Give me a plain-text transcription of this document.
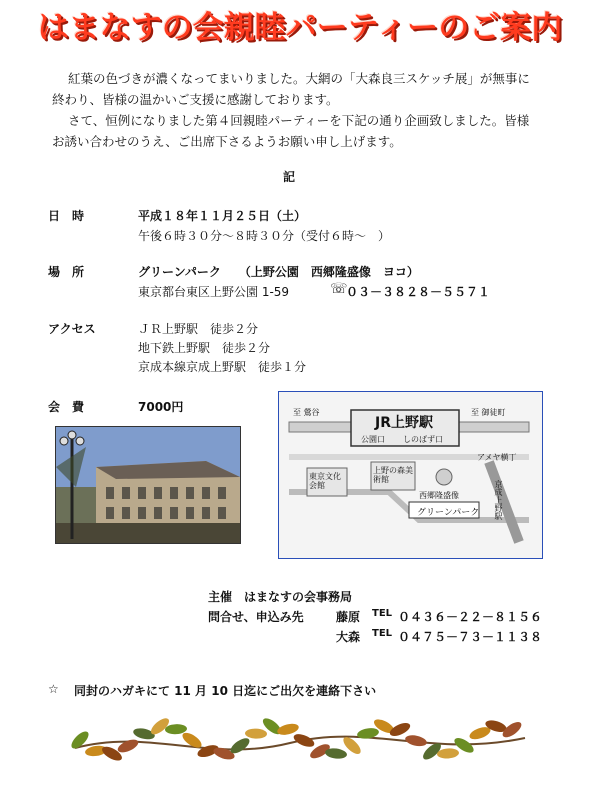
はまなすの会親睦パーティーのご案内
紅葉の色づきが濃くなってまいりました。大網の「大森良三スケッチ展」が無事に
終わり、皆様の温かいご支援に感謝しております。
さて、恒例になりました第４回親睦パーティーを下記の通り企画致しました。皆様
お誘い合わせのうえ、ご出席下さるようお願い申し上げます。
記
日　時	平成１８年１１月２５日（土）
午後６時３０分～８時３０分（受付６時～　）
場　所	グリーンパーク　　（上野公園　西郷隆盛像　ヨコ）
東京都台東区上野公園 1-59	☏
０３－３８２８－５５７１
アクセス	ＪＲ上野駅　徒歩２分
地下鉄上野駅　徒歩２分
京成本線京成上野駅　徒歩１分
会　費	7000円	至 鶯谷	至 御徒町
JR上野駅
公園口 しのばず口
東京文化会館
上野の森美術館
西郷隆盛像
グリーンパーク
アメヤ横丁
京成上野駅
主催　はまなすの会事務局
問合せ、申込み先	藤原 TEL ０４３６－２２－８１５６
大森 TEL ０４７５－７３－１１３８
☆ 同封のハガキにて 11 月 10 日迄にご出欠を連絡下さい
